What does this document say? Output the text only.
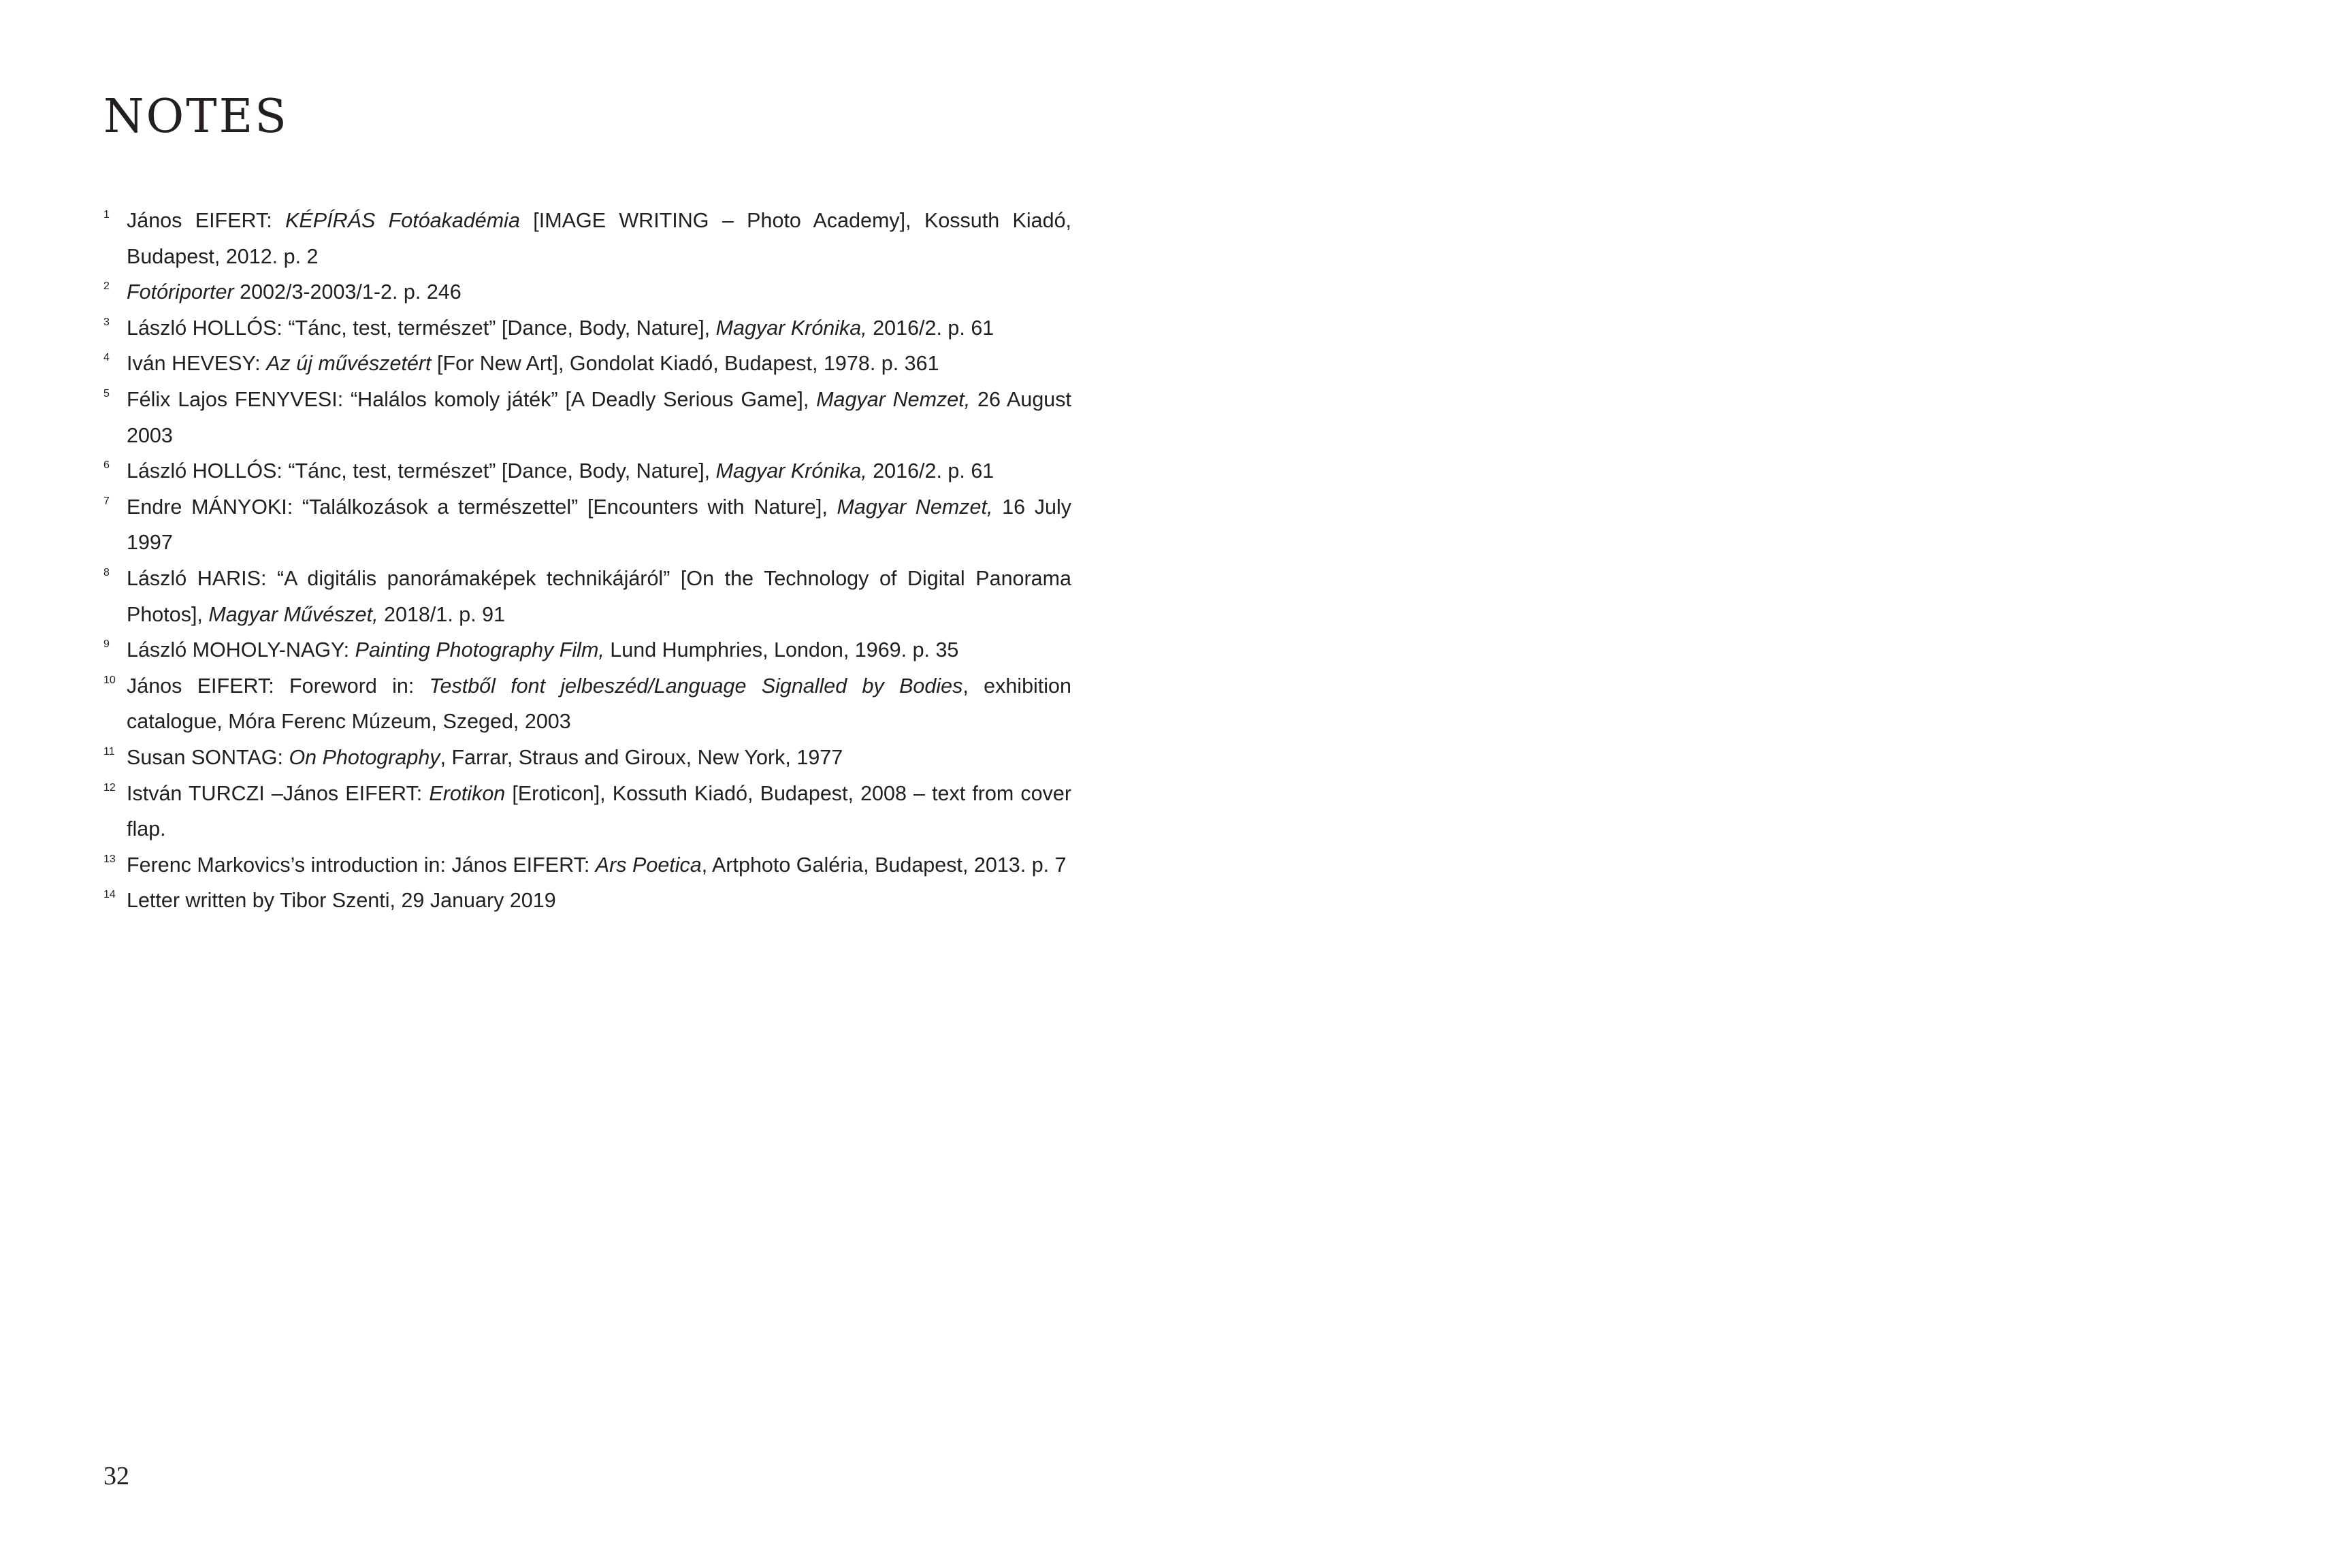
NOTES
1 János EIFERT: KÉPÍRÁS Fotóakadémia [IMAGE WRITING – Photo Academy], Kossuth Kiadó, Budapest, 2012. p. 2
2 Fotóriporter 2002/3-2003/1-2. p. 246
3 László HOLLÓS: “Tánc, test, természet” [Dance, Body, Nature], Magyar Krónika, 2016/2. p. 61
4 Iván HEVESY: Az új művészetért [For New Art], Gondolat Kiadó, Budapest, 1978. p. 361
5 Félix Lajos FENYVESI: “Halálos komoly játék” [A Deadly Serious Game], Magyar Nemzet, 26 August 2003
6 László HOLLÓS: “Tánc, test, természet” [Dance, Body, Nature], Magyar Krónika, 2016/2. p. 61
7 Endre MÁNYOKI: “Találkozások a természettel” [Encounters with Nature], Magyar Nemzet, 16 July 1997
8 László HARIS: “A digitális panorámaképek technikájáról” [On the Technology of Digital Panorama Photos], Magyar Művészet, 2018/1. p. 91
9 László MOHOLY-NAGY: Painting Photography Film, Lund Humphries, London, 1969. p. 35
10 János EIFERT: Foreword in: Testből font jelbeszéd/Language Signalled by Bodies, exhibition catalogue, Móra Ferenc Múzeum, Szeged, 2003
11 Susan SONTAG: On Photography, Farrar, Straus and Giroux, New York, 1977
12 István TURCZI –János EIFERT: Erotikon [Eroticon], Kossuth Kiadó, Budapest, 2008 – text from cover flap.
13 Ferenc Markovics’s introduction in: János EIFERT: Ars Poetica, Artphoto Galéria, Budapest, 2013. p. 7
14 Letter written by Tibor Szenti, 29 January 2019
32
